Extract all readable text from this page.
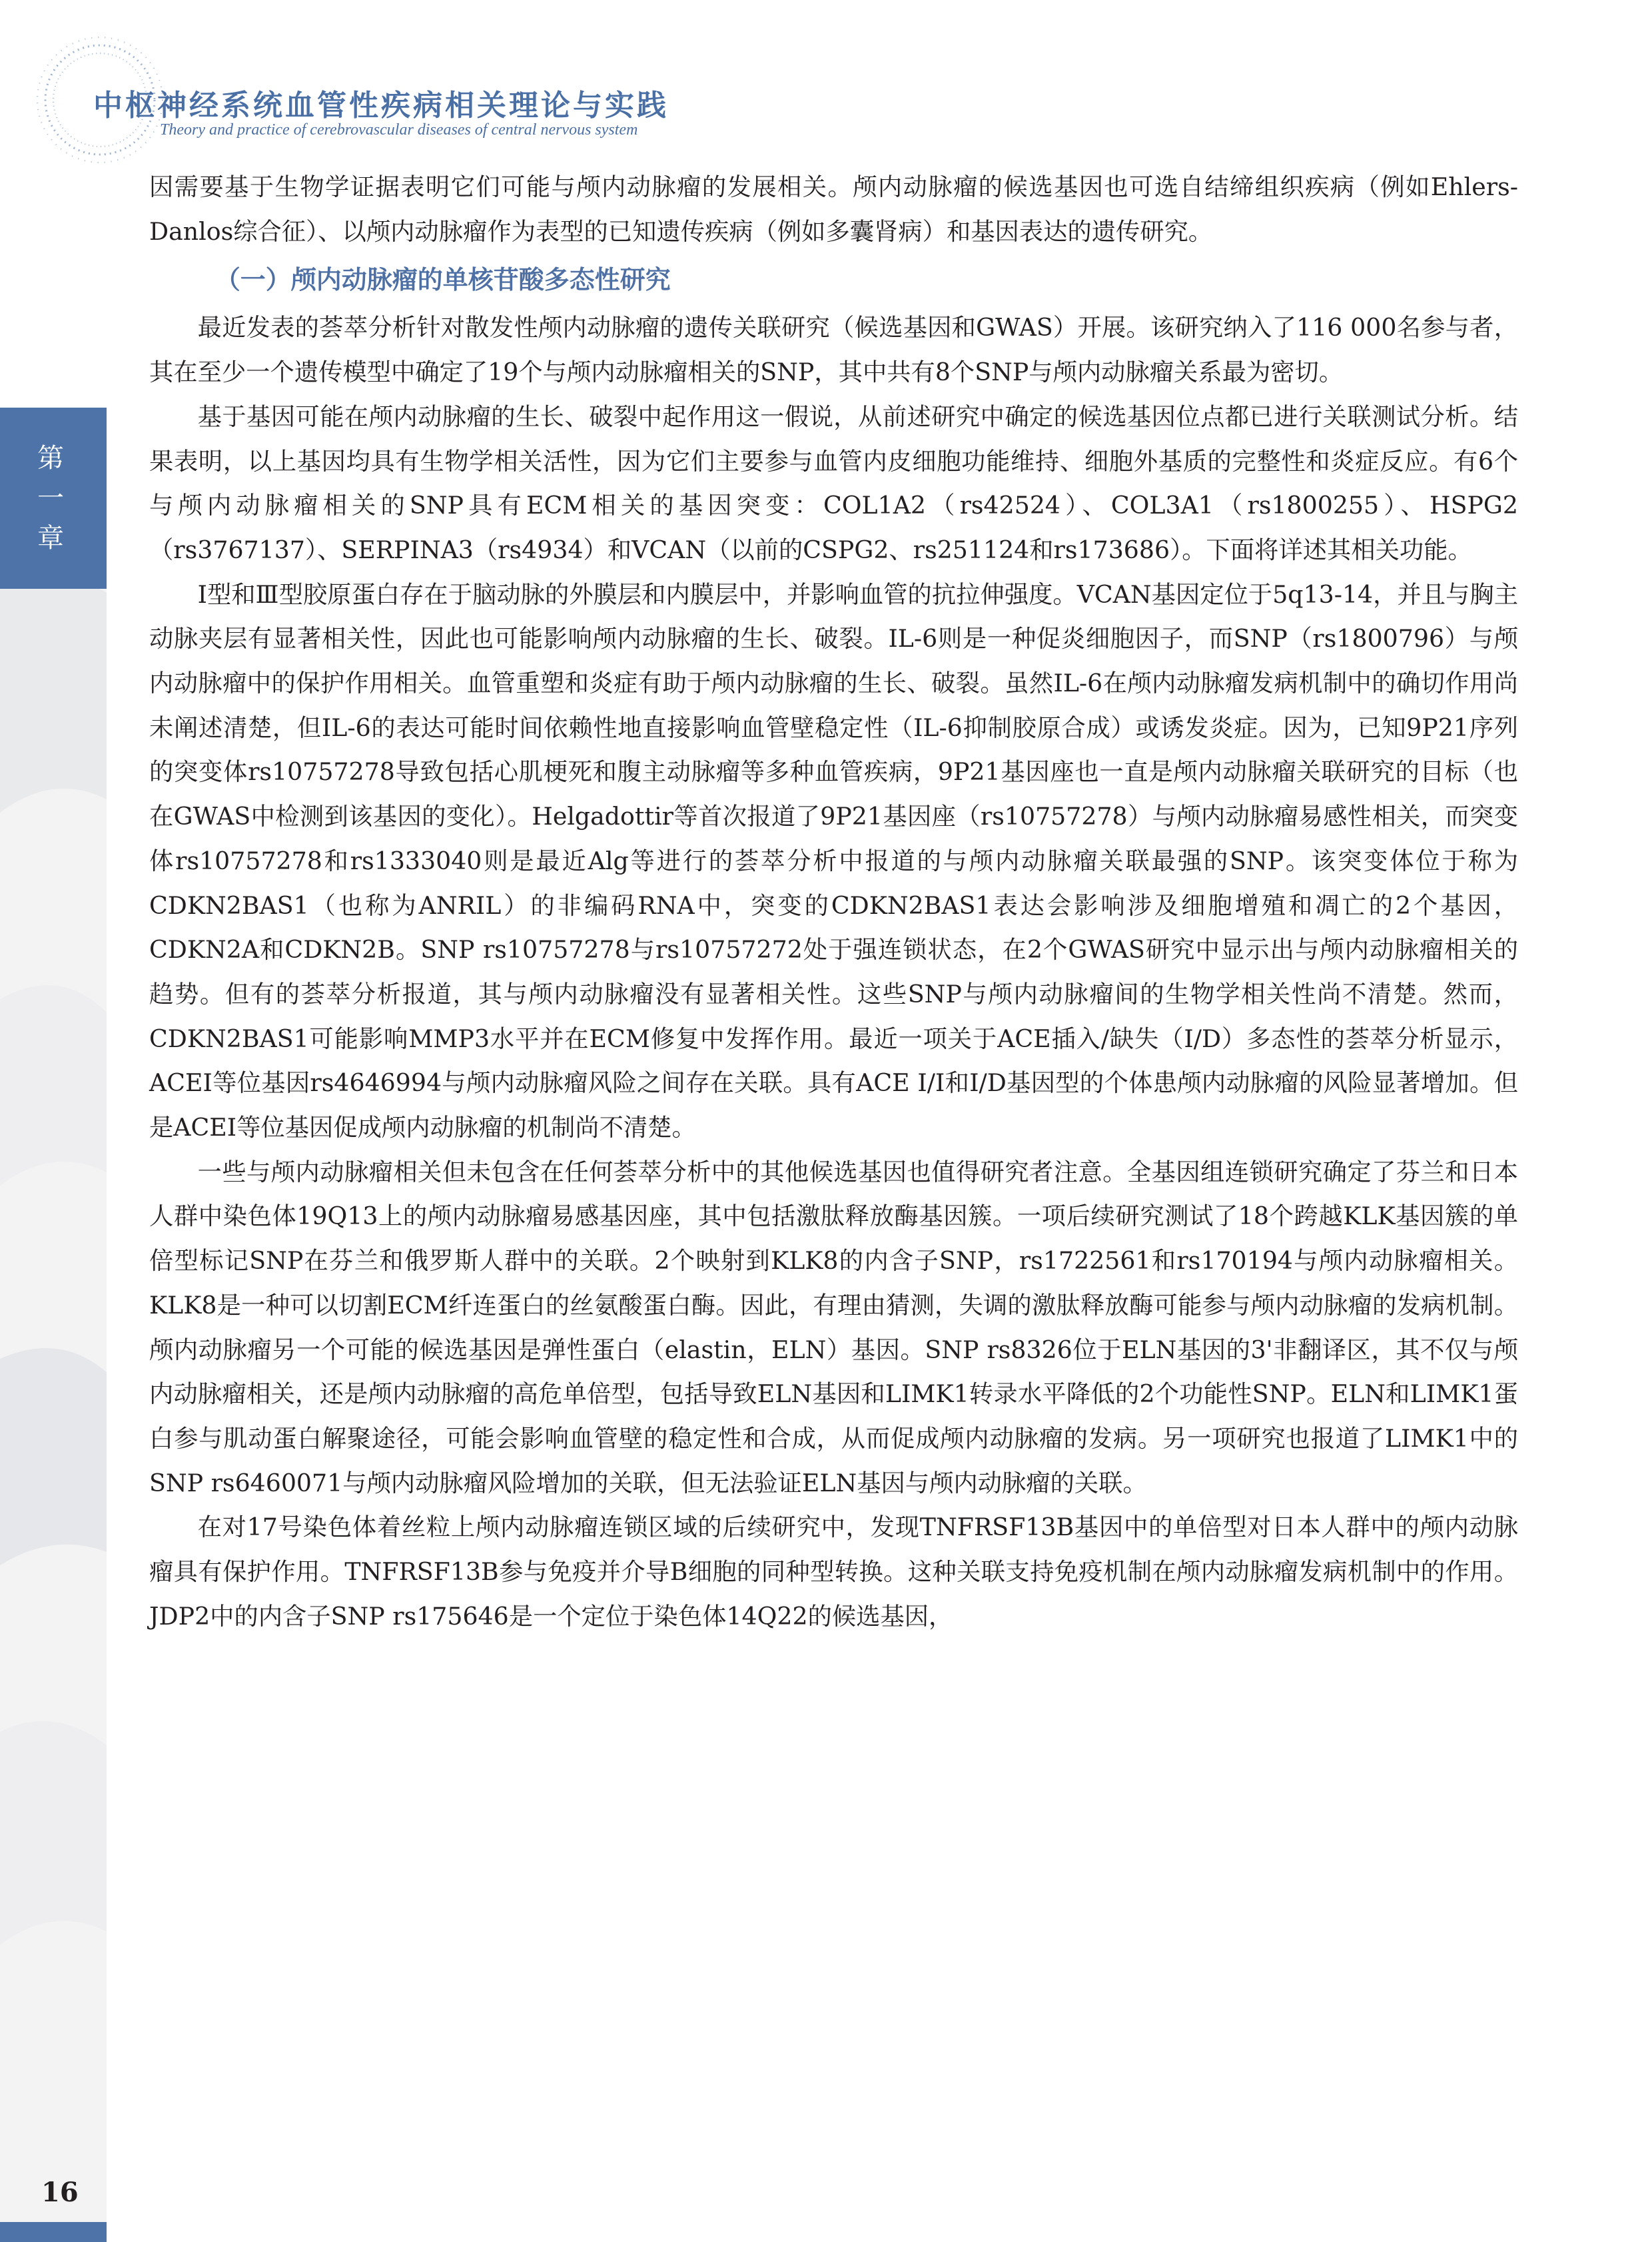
中枢神经系统血管性疾病相关理论与实践
Theory and practice of cerebrovascular diseases of central nervous system
第
一
章

因需要基于生物学证据表明它们可能与颅内动脉瘤的发展相关。颅内动脉瘤的候选基因也可选自结缔组织疾病（例如Ehlers-Danlos综合征）、以颅内动脉瘤作为表型的已知遗传疾病（例如多囊肾病）和基因表达的遗传研究。

（一）颅内动脉瘤的单核苷酸多态性研究

最近发表的荟萃分析针对散发性颅内动脉瘤的遗传关联研究（候选基因和GWAS）开展。该研究纳入了116 000名参与者，其在至少一个遗传模型中确定了19个与颅内动脉瘤相关的SNP，其中共有8个SNP与颅内动脉瘤关系最为密切。

基于基因可能在颅内动脉瘤的生长、破裂中起作用这一假说，从前述研究中确定的候选基因位点都已进行关联测试分析。结果表明，以上基因均具有生物学相关活性，因为它们主要参与血管内皮细胞功能维持、细胞外基质的完整性和炎症反应。有6个与颅内动脉瘤相关的SNP具有ECM相关的基因突变：COL1A2（rs42524）、COL3A1（rs1800255）、HSPG2（rs3767137）、SERPINA3（rs4934）和VCAN（以前的CSPG2、rs251124和rs173686）。下面将详述其相关功能。

Ⅰ型和Ⅲ型胶原蛋白存在于脑动脉的外膜层和内膜层中，并影响血管的抗拉伸强度。VCAN基因定位于5q13-14，并且与胸主动脉夹层有显著相关性，因此也可能影响颅内动脉瘤的生长、破裂。IL-6则是一种促炎细胞因子，而SNP（rs1800796）与颅内动脉瘤中的保护作用相关。血管重塑和炎症有助于颅内动脉瘤的生长、破裂。虽然IL-6在颅内动脉瘤发病机制中的确切作用尚未阐述清楚，但IL-6的表达可能时间依赖性地直接影响血管壁稳定性（IL-6抑制胶原合成）或诱发炎症。因为，已知9P21序列的突变体rs10757278导致包括心肌梗死和腹主动脉瘤等多种血管疾病，9P21基因座也一直是颅内动脉瘤关联研究的目标（也在GWAS中检测到该基因的变化）。Helgadottir等首次报道了9P21基因座（rs10757278）与颅内动脉瘤易感性相关，而突变体rs10757278和rs1333040则是最近Alg等进行的荟萃分析中报道的与颅内动脉瘤关联最强的SNP。该突变体位于称为CDKN2BAS1（也称为ANRIL）的非编码RNA中，突变的CDKN2BAS1表达会影响涉及细胞增殖和凋亡的2个基因，CDKN2A和CDKN2B。SNP rs10757278与rs10757272处于强连锁状态，在2个GWAS研究中显示出与颅内动脉瘤相关的趋势。但有的荟萃分析报道，其与颅内动脉瘤没有显著相关性。这些SNP与颅内动脉瘤间的生物学相关性尚不清楚。然而，CDKN2BAS1可能影响MMP3水平并在ECM修复中发挥作用。最近一项关于ACE插入/缺失（I/D）多态性的荟萃分析显示，ACEI等位基因rs4646994与颅内动脉瘤风险之间存在关联。具有ACE I/I和I/D基因型的个体患颅内动脉瘤的风险显著增加。但是ACEI等位基因促成颅内动脉瘤的机制尚不清楚。

一些与颅内动脉瘤相关但未包含在任何荟萃分析中的其他候选基因也值得研究者注意。全基因组连锁研究确定了芬兰和日本人群中染色体19Q13上的颅内动脉瘤易感基因座，其中包括激肽释放酶基因簇。一项后续研究测试了18个跨越KLK基因簇的单倍型标记SNP在芬兰和俄罗斯人群中的关联。2个映射到KLK8的内含子SNP，rs1722561和rs170194与颅内动脉瘤相关。KLK8是一种可以切割ECM纤连蛋白的丝氨酸蛋白酶。因此，有理由猜测，失调的激肽释放酶可能参与颅内动脉瘤的发病机制。颅内动脉瘤另一个可能的候选基因是弹性蛋白（elastin，ELN）基因。SNP rs8326位于ELN基因的3'非翻译区，其不仅与颅内动脉瘤相关，还是颅内动脉瘤的高危单倍型，包括导致ELN基因和LIMK1转录水平降低的2个功能性SNP。ELN和LIMK1蛋白参与肌动蛋白解聚途径，可能会影响血管壁的稳定性和合成，从而促成颅内动脉瘤的发病。另一项研究也报道了LIMK1中的SNP rs6460071与颅内动脉瘤风险增加的关联，但无法验证ELN基因与颅内动脉瘤的关联。

在对17号染色体着丝粒上颅内动脉瘤连锁区域的后续研究中，发现TNFRSF13B基因中的单倍型对日本人群中的颅内动脉瘤具有保护作用。TNFRSF13B参与免疫并介导B细胞的同种型转换。这种关联支持免疫机制在颅内动脉瘤发病机制中的作用。JDP2中的内含子SNP rs175646是一个定位于染色体14Q22的候选基因，

16
